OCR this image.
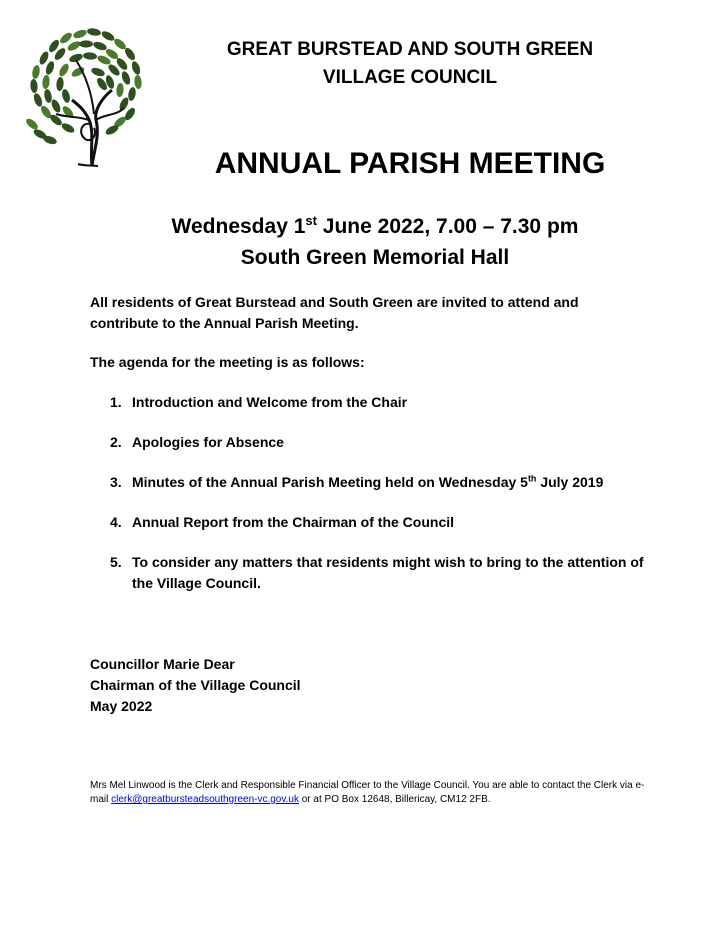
GREAT BURSTEAD AND SOUTH GREEN
VILLAGE COUNCIL
ANNUAL PARISH MEETING
Wednesday 1st June 2022, 7.00 – 7.30 pm
South Green Memorial Hall
All residents of Great Burstead and South Green are invited to attend and contribute to the Annual Parish Meeting.
The agenda for the meeting is as follows:
1. Introduction and Welcome from the Chair
2. Apologies for Absence
3. Minutes of the Annual Parish Meeting held on Wednesday 5th July 2019
4. Annual Report from the Chairman of the Council
5. To consider any matters that residents might wish to bring to the attention of the Village Council.
Councillor Marie Dear
Chairman of the Village Council
May 2022
Mrs Mel Linwood is the Clerk and Responsible Financial Officer to the Village Council. You are able to contact the Clerk via e-mail clerk@greatbursteadsouthgreen-vc.gov.uk or at PO Box 12648, Billericay, CM12 2FB.
